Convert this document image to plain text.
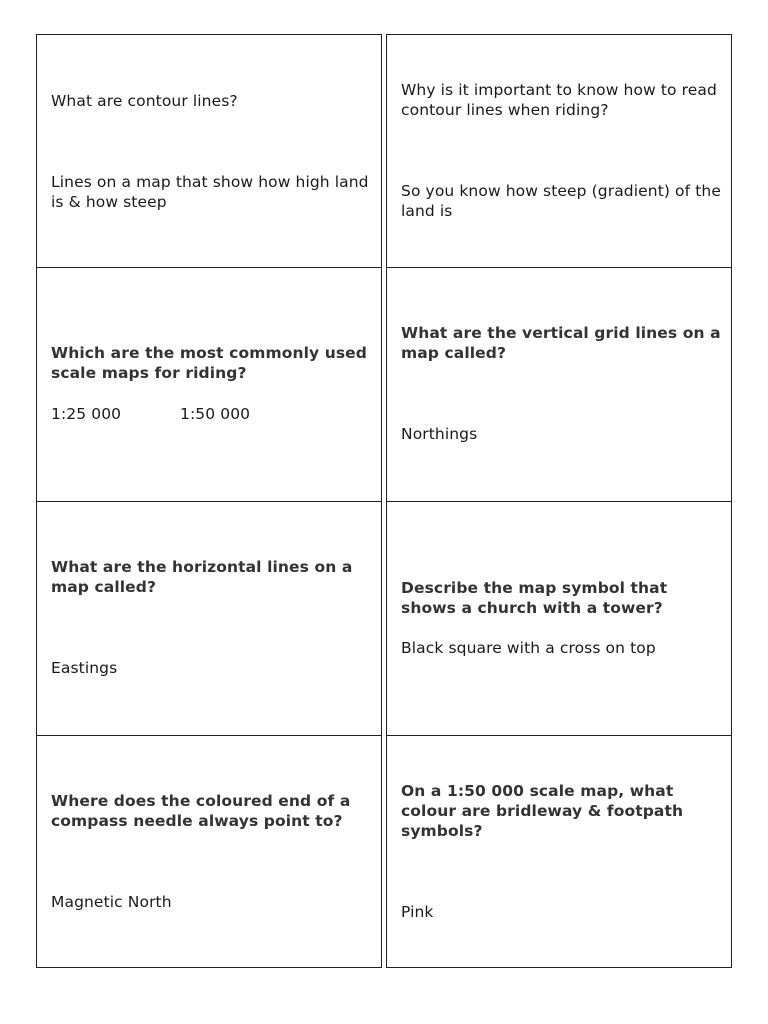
What are contour lines?

Lines on a map that show how high land is & how steep

Why is it important to know how to read contour lines when riding?

So you know how steep (gradient) of the land is

Which are the most commonly used scale maps for riding?

1:25 000	1:50 000

What are the vertical grid lines on a map called?

Northings

What are the horizontal lines on a map called?

Eastings

Describe the map symbol that shows a church with a tower?

Black square with a cross on top

Where does the coloured end of a compass needle always point to?

Magnetic North

On a 1:50 000 scale map, what colour are bridleway & footpath symbols?

Pink
